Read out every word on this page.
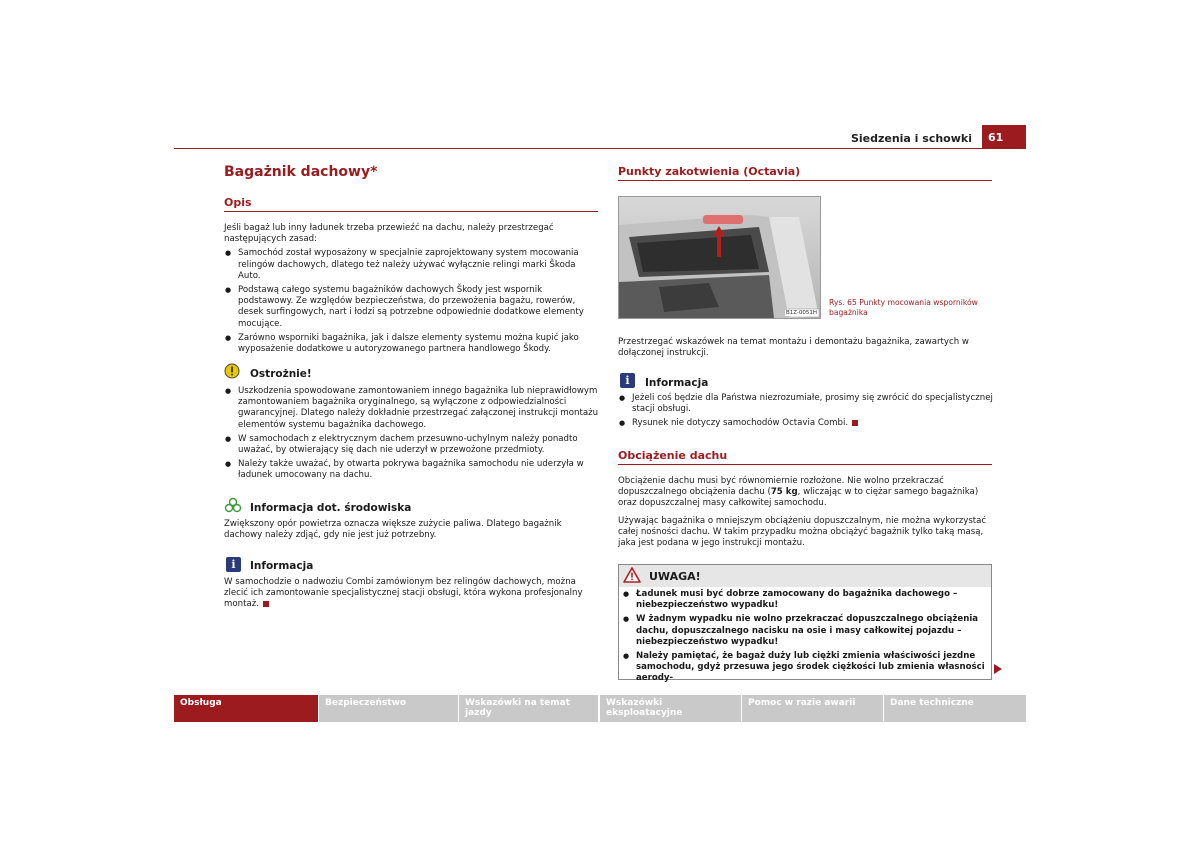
Siedzenia i schowki	61
Bagażnik dachowy*
Opis
Jeśli bagaż lub inny ładunek trzeba przewieźć na dachu, należy przestrzegać następujących zasad:
● Samochód został wyposażony w specjalnie zaprojektowany system mocowania relingów dachowych, dlatego też należy używać wyłącznie relingi marki Škoda Auto.
● Podstawą całego systemu bagażników dachowych Škody jest wspornik podstawowy. Ze względów bezpieczeństwa, do przewożenia bagażu, rowerów, desek surfingowych, nart i łodzi są potrzebne odpowiednie dodatkowe elementy mocujące.
● Zarówno wsporniki bagażnika, jak i dalsze elementy systemu można kupić jako wyposażenie dodatkowe u autoryzowanego partnera handlowego Škody.
Ostrożnie!
● Uszkodzenia spowodowane zamontowaniem innego bagażnika lub nieprawidłowym zamontowaniem bagażnika oryginalnego, są wyłączone z odpowiedzialności gwarancyjnej. Dlatego należy dokładnie przestrzegać załączonej instrukcji montażu elementów systemu bagażnika dachowego.
● W samochodach z elektrycznym dachem przesuwno-uchylnym należy ponadto uważać, by otwierający się dach nie uderzył w przewożone przedmioty.
● Należy także uważać, by otwarta pokrywa bagażnika samochodu nie uderzyła w ładunek umocowany na dachu.
Informacja dot. środowiska
Zwiększony opór powietrza oznacza większe zużycie paliwa. Dlatego bagażnik dachowy należy zdjąć, gdy nie jest już potrzebny.
i	Informacja
W samochodzie o nadwoziu Combi zamówionym bez relingów dachowych, można zlecić ich zamontowanie specjalistycznej stacji obsługi, która wykona profesjonalny montaż.
Punkty zakotwienia (Octavia)
B1Z-0051H
Rys. 65 Punkty mocowania wsporników bagażnika
Przestrzegać wskazówek na temat montażu i demontażu bagażnika, zawartych w dołączonej instrukcji.
i	Informacja
● Jeżeli coś będzie dla Państwa niezrozumiałe, prosimy się zwrócić do specjalistycznej stacji obsługi.
● Rysunek nie dotyczy samochodów Octavia Combi.
Obciążenie dachu
Obciążenie dachu musi być równomiernie rozłożone. Nie wolno przekraczać dopuszczalnego obciążenia dachu (75 kg, wliczając w to ciężar samego bagażnika) oraz dopuszczalnej masy całkowitej samochodu.
Używając bagażnika o mniejszym obciążeniu dopuszczalnym, nie można wykorzystać całej nośności dachu. W takim przypadku można obciążyć bagażnik tylko taką masą, jaka jest podana w jego instrukcji montażu.
UWAGA!
● Ładunek musi być dobrze zamocowany do bagażnika dachowego – niebezpieczeństwo wypadku!
● W żadnym wypadku nie wolno przekraczać dopuszczalnego obciążenia dachu, dopuszczalnego nacisku na osie i masy całkowitej pojazdu – niebezpieczeństwo wypadku!
● Należy pamiętać, że bagaż duży lub ciężki zmienia właściwości jezdne samochodu, gdyż przesuwa jego środek ciężkości lub zmienia własności aerody-
Obsługa	Bezpieczeństwo	Wskazówki na temat jazdy
Wskazówki eksploatacyjne
Pomoc w razie awarii	Dane techniczne
